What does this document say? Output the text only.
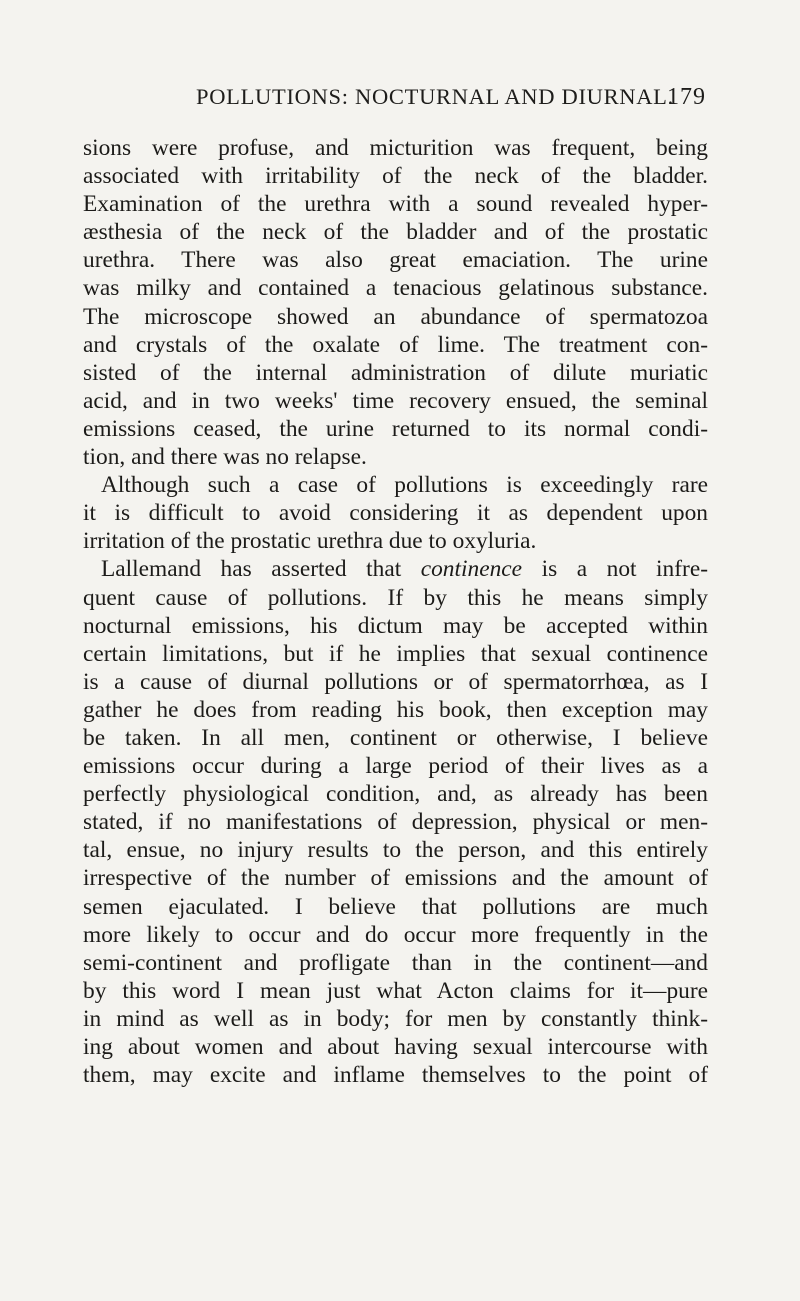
POLLUTIONS: NOCTURNAL AND DIURNAL.
179
sions were profuse, and micturition was frequent, being
associated with irritability of the neck of the bladder.
Examination of the urethra with a sound revealed hyper-
æsthesia of the neck of the bladder and of the prostatic
urethra. There was also great emaciation. The urine
was milky and contained a tenacious gelatinous substance.
The microscope showed an abundance of spermatozoa
and crystals of the oxalate of lime. The treatment con-
sisted of the internal administration of dilute muriatic
acid, and in two weeks' time recovery ensued, the seminal
emissions ceased, the urine returned to its normal condi-
tion, and there was no relapse.
Although such a case of pollutions is exceedingly rare
it is difficult to avoid considering it as dependent upon
irritation of the prostatic urethra due to oxyluria.
Lallemand has asserted that continence is a not infre-
quent cause of pollutions. If by this he means simply
nocturnal emissions, his dictum may be accepted within
certain limitations, but if he implies that sexual continence
is a cause of diurnal pollutions or of spermatorrhœa, as I
gather he does from reading his book, then exception may
be taken. In all men, continent or otherwise, I believe
emissions occur during a large period of their lives as a
perfectly physiological condition, and, as already has been
stated, if no manifestations of depression, physical or men-
tal, ensue, no injury results to the person, and this entirely
irrespective of the number of emissions and the amount of
semen ejaculated. I believe that pollutions are much
more likely to occur and do occur more frequently in the
semi-continent and profligate than in the continent—and
by this word I mean just what Acton claims for it—pure
in mind as well as in body; for men by constantly think-
ing about women and about having sexual intercourse with
them, may excite and inflame themselves to the point of
